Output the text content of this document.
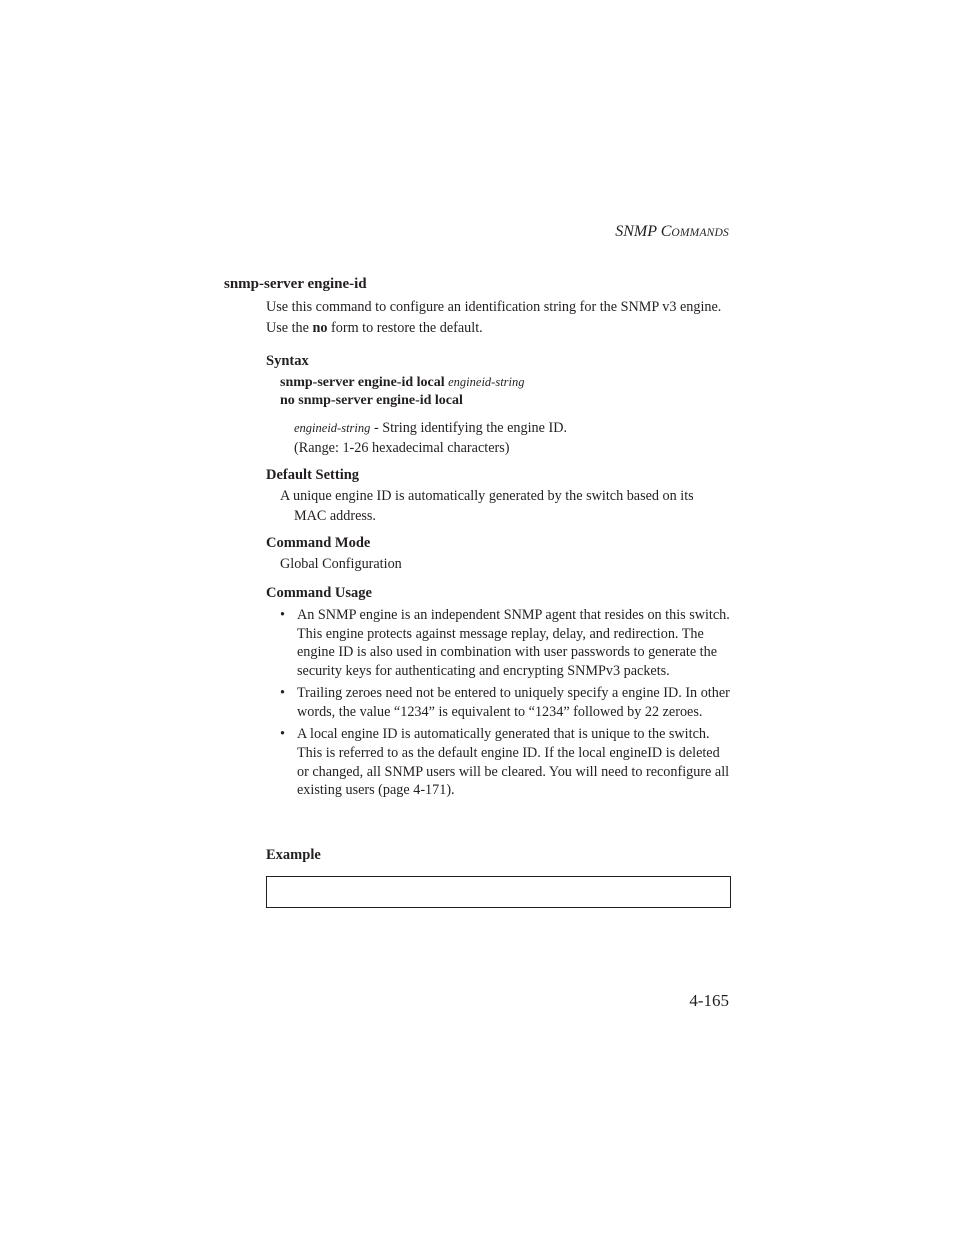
SNMP COMMANDS
snmp-server engine-id
Use this command to configure an identification string for the SNMP v3 engine. Use the no form to restore the default.
Syntax
snmp-server engine-id local engineid-string
no snmp-server engine-id local
engineid-string - String identifying the engine ID.
(Range: 1-26 hexadecimal characters)
Default Setting
A unique engine ID is automatically generated by the switch based on its
MAC address.
Command Mode
Global Configuration
Command Usage
• An SNMP engine is an independent SNMP agent that resides on this switch. This engine protects against message replay, delay, and redirection. The engine ID is also used in combination with user passwords to generate the security keys for authenticating and encrypting SNMPv3 packets.
• Trailing zeroes need not be entered to uniquely specify a engine ID. In other words, the value “1234” is equivalent to “1234” followed by 22 zeroes.
• A local engine ID is automatically generated that is unique to the switch. This is referred to as the default engine ID. If the local engineID is deleted or changed, all SNMP users will be cleared. You will need to reconfigure all existing users (page 4-171).
Example
4-165
